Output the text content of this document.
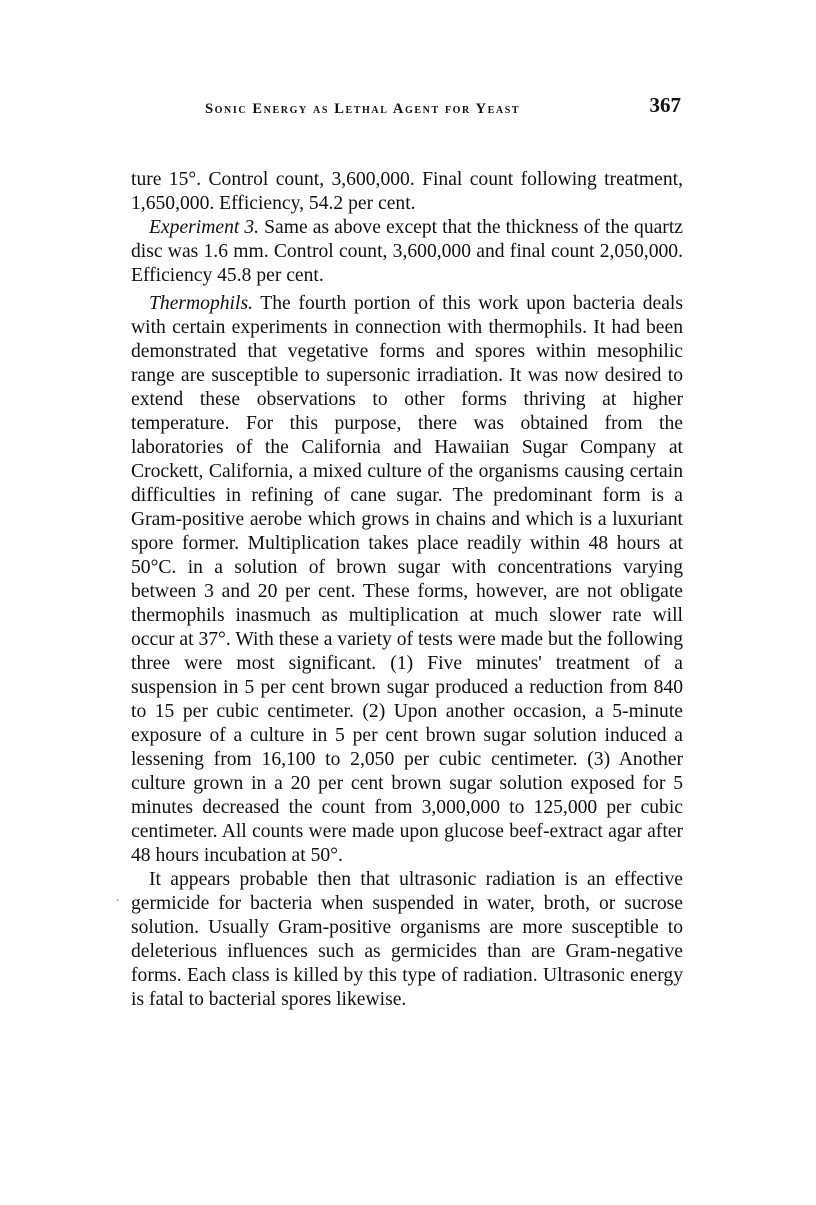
Sonic Energy as Lethal Agent for Yeast	367

ture 15°. Control count, 3,600,000. Final count following treatment, 1,650,000. Efficiency, 54.2 per cent.

Experiment 3. Same as above except that the thickness of the quartz disc was 1.6 mm. Control count, 3,600,000 and final count 2,050,000. Efficiency 45.8 per cent.

Thermophils. The fourth portion of this work upon bacteria deals with certain experiments in connection with thermophils. It had been demonstrated that vegetative forms and spores within mesophilic range are susceptible to supersonic irradiation. It was now desired to extend these observations to other forms thriving at higher temperature. For this purpose, there was obtained from the laboratories of the California and Hawaiian Sugar Company at Crockett, California, a mixed culture of the organisms causing certain difficulties in refining of cane sugar. The predominant form is a Gram-positive aerobe which grows in chains and which is a luxuriant spore former. Multiplication takes place readily within 48 hours at 50°C. in a solution of brown sugar with concentrations varying between 3 and 20 per cent. These forms, however, are not obligate thermophils inasmuch as multiplication at much slower rate will occur at 37°. With these a variety of tests were made but the following three were most significant. (1) Five minutes' treatment of a suspension in 5 per cent brown sugar produced a reduction from 840 to 15 per cubic centimeter. (2) Upon another occasion, a 5-minute exposure of a culture in 5 per cent brown sugar solution induced a lessening from 16,100 to 2,050 per cubic centimeter. (3) Another culture grown in a 20 per cent brown sugar solution exposed for 5 minutes decreased the count from 3,000,000 to 125,000 per cubic centimeter. All counts were made upon glucose beef-extract agar after 48 hours incubation at 50°.

It appears probable then that ultrasonic radiation is an effective germicide for bacteria when suspended in water, broth, or sucrose solution. Usually Gram-positive organisms are more susceptible to deleterious influences such as germicides than are Gram-negative forms. Each class is killed by this type of radiation. Ultrasonic energy is fatal to bacterial spores likewise.

.
